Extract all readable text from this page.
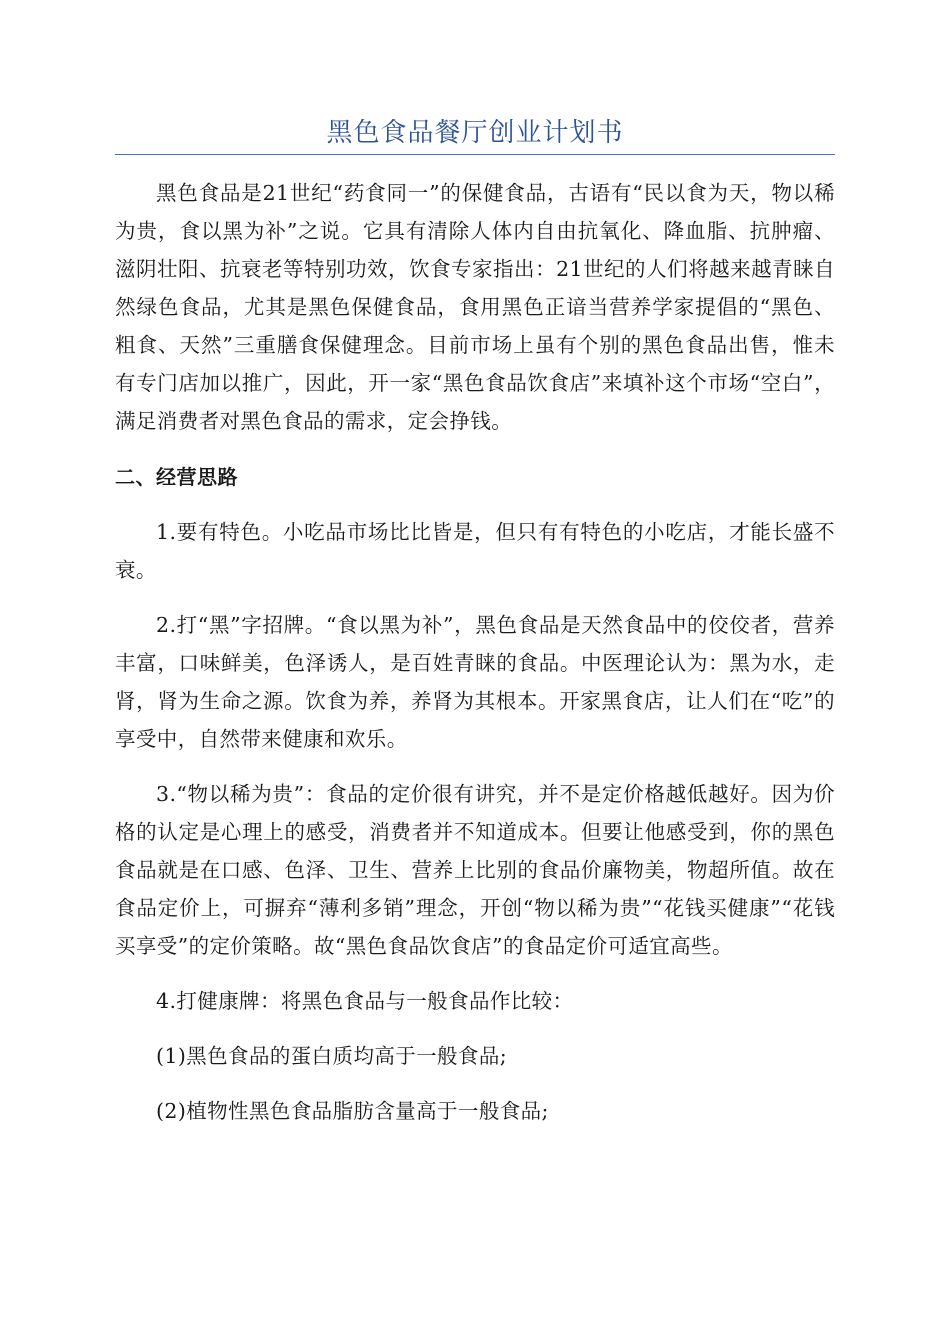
黑色食品餐厅创业计划书

黑色食品是21世纪“药食同一”的保健食品，古语有“民以食为天，物以稀为贵，食以黑为补”之说。它具有清除人体内自由抗氧化、降血脂、抗肿瘤、滋阴壮阳、抗衰老等特别功效，饮食专家指出：21世纪的人们将越来越青睐自然绿色食品，尤其是黑色保健食品，食用黑色正谙当营养学家提倡的“黑色、粗食、天然”三重膳食保健理念。目前市场上虽有个别的黑色食品出售，惟未有专门店加以推广，因此，开一家“黑色食品饮食店”来填补这个市场“空白”，满足消费者对黑色食品的需求，定会挣钱。

二、经营思路

1.要有特色。小吃品市场比比皆是，但只有有特色的小吃店，才能长盛不衰。

2.打“黑”字招牌。“食以黑为补”，黑色食品是天然食品中的佼佼者，营养丰富，口味鲜美，色泽诱人，是百姓青睐的食品。中医理论认为：黑为水，走肾，肾为生命之源。饮食为养，养肾为其根本。开家黑食店，让人们在“吃”的享受中，自然带来健康和欢乐。

3.“物以稀为贵”：食品的定价很有讲究，并不是定价格越低越好。因为价格的认定是心理上的感受，消费者并不知道成本。但要让他感受到，你的黑色食品就是在口感、色泽、卫生、营养上比别的食品价廉物美，物超所值。故在食品定价上，可摒弃“薄利多销”理念，开创“物以稀为贵”“花钱买健康”“花钱买享受”的定价策略。故“黑色食品饮食店”的食品定价可适宜高些。

4.打健康牌：将黑色食品与一般食品作比较：

(1)黑色食品的蛋白质均高于一般食品;

(2)植物性黑色食品脂肪含量高于一般食品;
